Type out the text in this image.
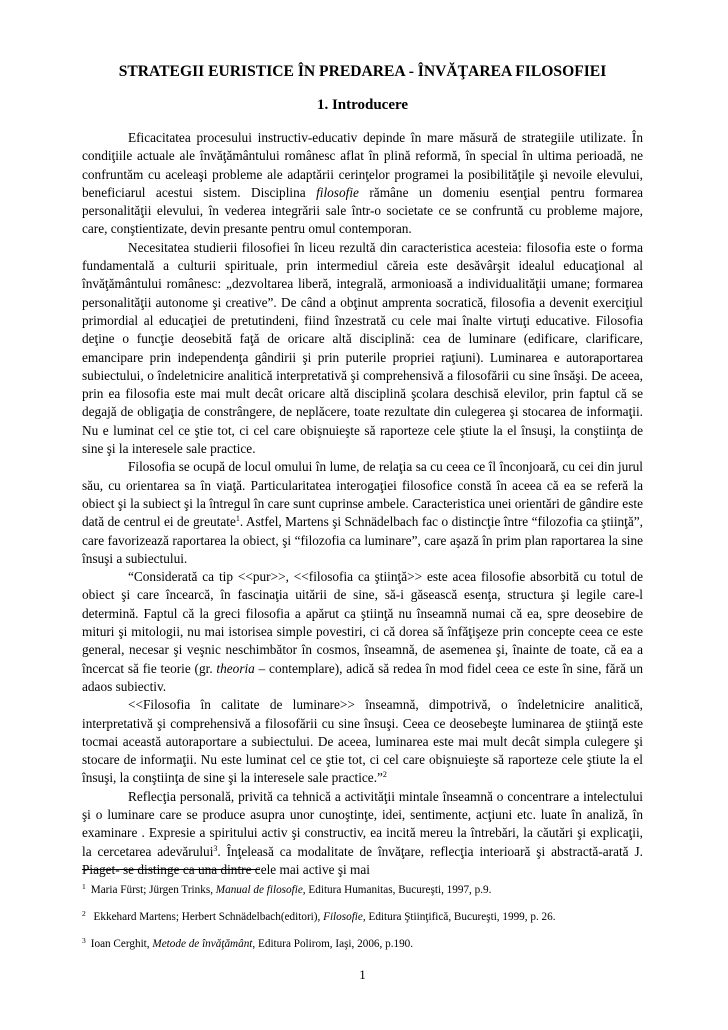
STRATEGII EURISTICE ÎN PREDAREA - ÎNVĂŢAREA FILOSOFIEI
1. Introducere

Eficacitatea procesului instructiv-educativ depinde în mare măsură de strategiile utilizate. În condiţiile actuale ale învăţământului românesc aflat în plină reformă, în special în ultima perioadă, ne confruntăm cu aceleaşi probleme ale adaptării cerinţelor programei la posibilităţile şi nevoile elevului, beneficiarul acestui sistem. Disciplina filosofie rămâne un domeniu esenţial pentru formarea personalităţii elevului, în vederea integrării sale într-o societate ce se confruntă cu probleme majore, care, conştientizate, devin presante pentru omul contemporan.

Necesitatea studierii filosofiei în liceu rezultă din caracteristica acesteia: filosofia este o forma fundamentală a culturii spirituale, prin intermediul căreia este desăvârşit idealul educaţional al învăţământului românesc: „dezvoltarea liberă, integrală, armonioasă a individualităţii umane; formarea personalităţii autonome şi creative”. De când a obţinut amprenta socratică, filosofia a devenit exerciţiul primordial al educaţiei de pretutindeni, fiind înzestrată cu cele mai înalte virtuţi educative. Filosofia deţine o funcţie deosebită faţă de oricare altă disciplină: cea de luminare (edificare, clarificare, emancipare prin independenţa gândirii şi prin puterile propriei raţiuni). Luminarea e autoraportarea subiectului, o îndeletnicire analitică interpretativă şi comprehensivă a filosofării cu sine însăşi. De aceea, prin ea filosofia este mai mult decât oricare altă disciplină şcolara deschisă elevilor, prin faptul că se degajă de obligaţia de constrângere, de neplăcere, toate rezultate din culegerea şi stocarea de informaţii. Nu e luminat cel ce ştie tot, ci cel care obişnuieşte să raporteze cele ştiute la el însuşi, la conştiinţa de sine şi la interesele sale practice.

Filosofia se ocupă de locul omului în lume, de relaţia sa cu ceea ce îl înconjoară, cu cei din jurul său, cu orientarea sa în viaţă. Particularitatea interogaţiei filosofice constă în aceea că ea se referă la obiect şi la subiect şi la întregul în care sunt cuprinse ambele. Caracteristica unei orientări de gândire este dată de centrul ei de greutate$^1$. Astfel, Martens şi Schnädelbach fac o distincţie între “filozofia ca ştiinţă”, care favorizează raportarea la obiect, şi “filozofia ca luminare”, care aşază în prim plan raportarea la sine însuşi a subiectului.

“Considerată ca tip <<pur>>, <<filosofia ca ştiinţă>> este acea filosofie absorbită cu totul de obiect şi care încearcă, în fascinaţia uitării de sine, să-i găsească esenţa, structura şi legile care-l determină. Faptul că la greci filosofia a apărut ca ştiinţă nu înseamnă numai că ea, spre deosebire de mituri şi mitologii, nu mai istorisea simple povestiri, ci că dorea să înfăţişeze prin concepte ceea ce este general, necesar şi veşnic neschimbător în cosmos, înseamnă, de asemenea şi, înainte de toate, că ea a încercat să fie teorie (gr. theoria – contemplare), adică să redea în mod fidel ceea ce este în sine, fără un adaos subiectiv.

<<Filosofia în calitate de luminare>> înseamnă, dimpotrivă, o îndeletnicire analitică, interpretativă şi comprehensivă a filosofării cu sine însuşi. Ceea ce deosebeşte luminarea de ştiinţă este tocmai această autoraportare a subiectului. De aceea, luminarea este mai mult decât simpla culegere şi stocare de informaţii. Nu este luminat cel ce ştie tot, ci cel care obişnuieşte să raporteze cele ştiute la el însuşi, la conştiinţa de sine şi la interesele sale practice.”$^2$

Reflecţia personală, privită ca tehnică a activităţii mintale înseamnă o concentrare a intelectului şi o luminare care se produce asupra unor cunoştinţe, idei, sentimente, acţiuni etc. luate în analiză, în examinare . Expresie a spiritului activ şi constructiv, ea incită mereu la întrebări, la căutări şi explicaţii, la cercetarea adevărului$^3$. Înţeleasă ca modalitate de învăţare, reflecţia interioară şi abstractă-arată J. Piaget- se distinge ca una dintre cele mai active şi mai

$^1$ Maria Fürst; Jürgen Trinks, Manual de filosofie, Editura Humanitas, Bucureşti, 1997, p.9.
$^2$ Ekkehard Martens; Herbert Schnädelbach(editori), Filosofie, Editura Ştiinţifică, Bucureşti, 1999, p. 26.
$^3$ Ioan Cerghit, Metode de învăţământ, Editura Polirom, Iaşi, 2006, p.190.
1
